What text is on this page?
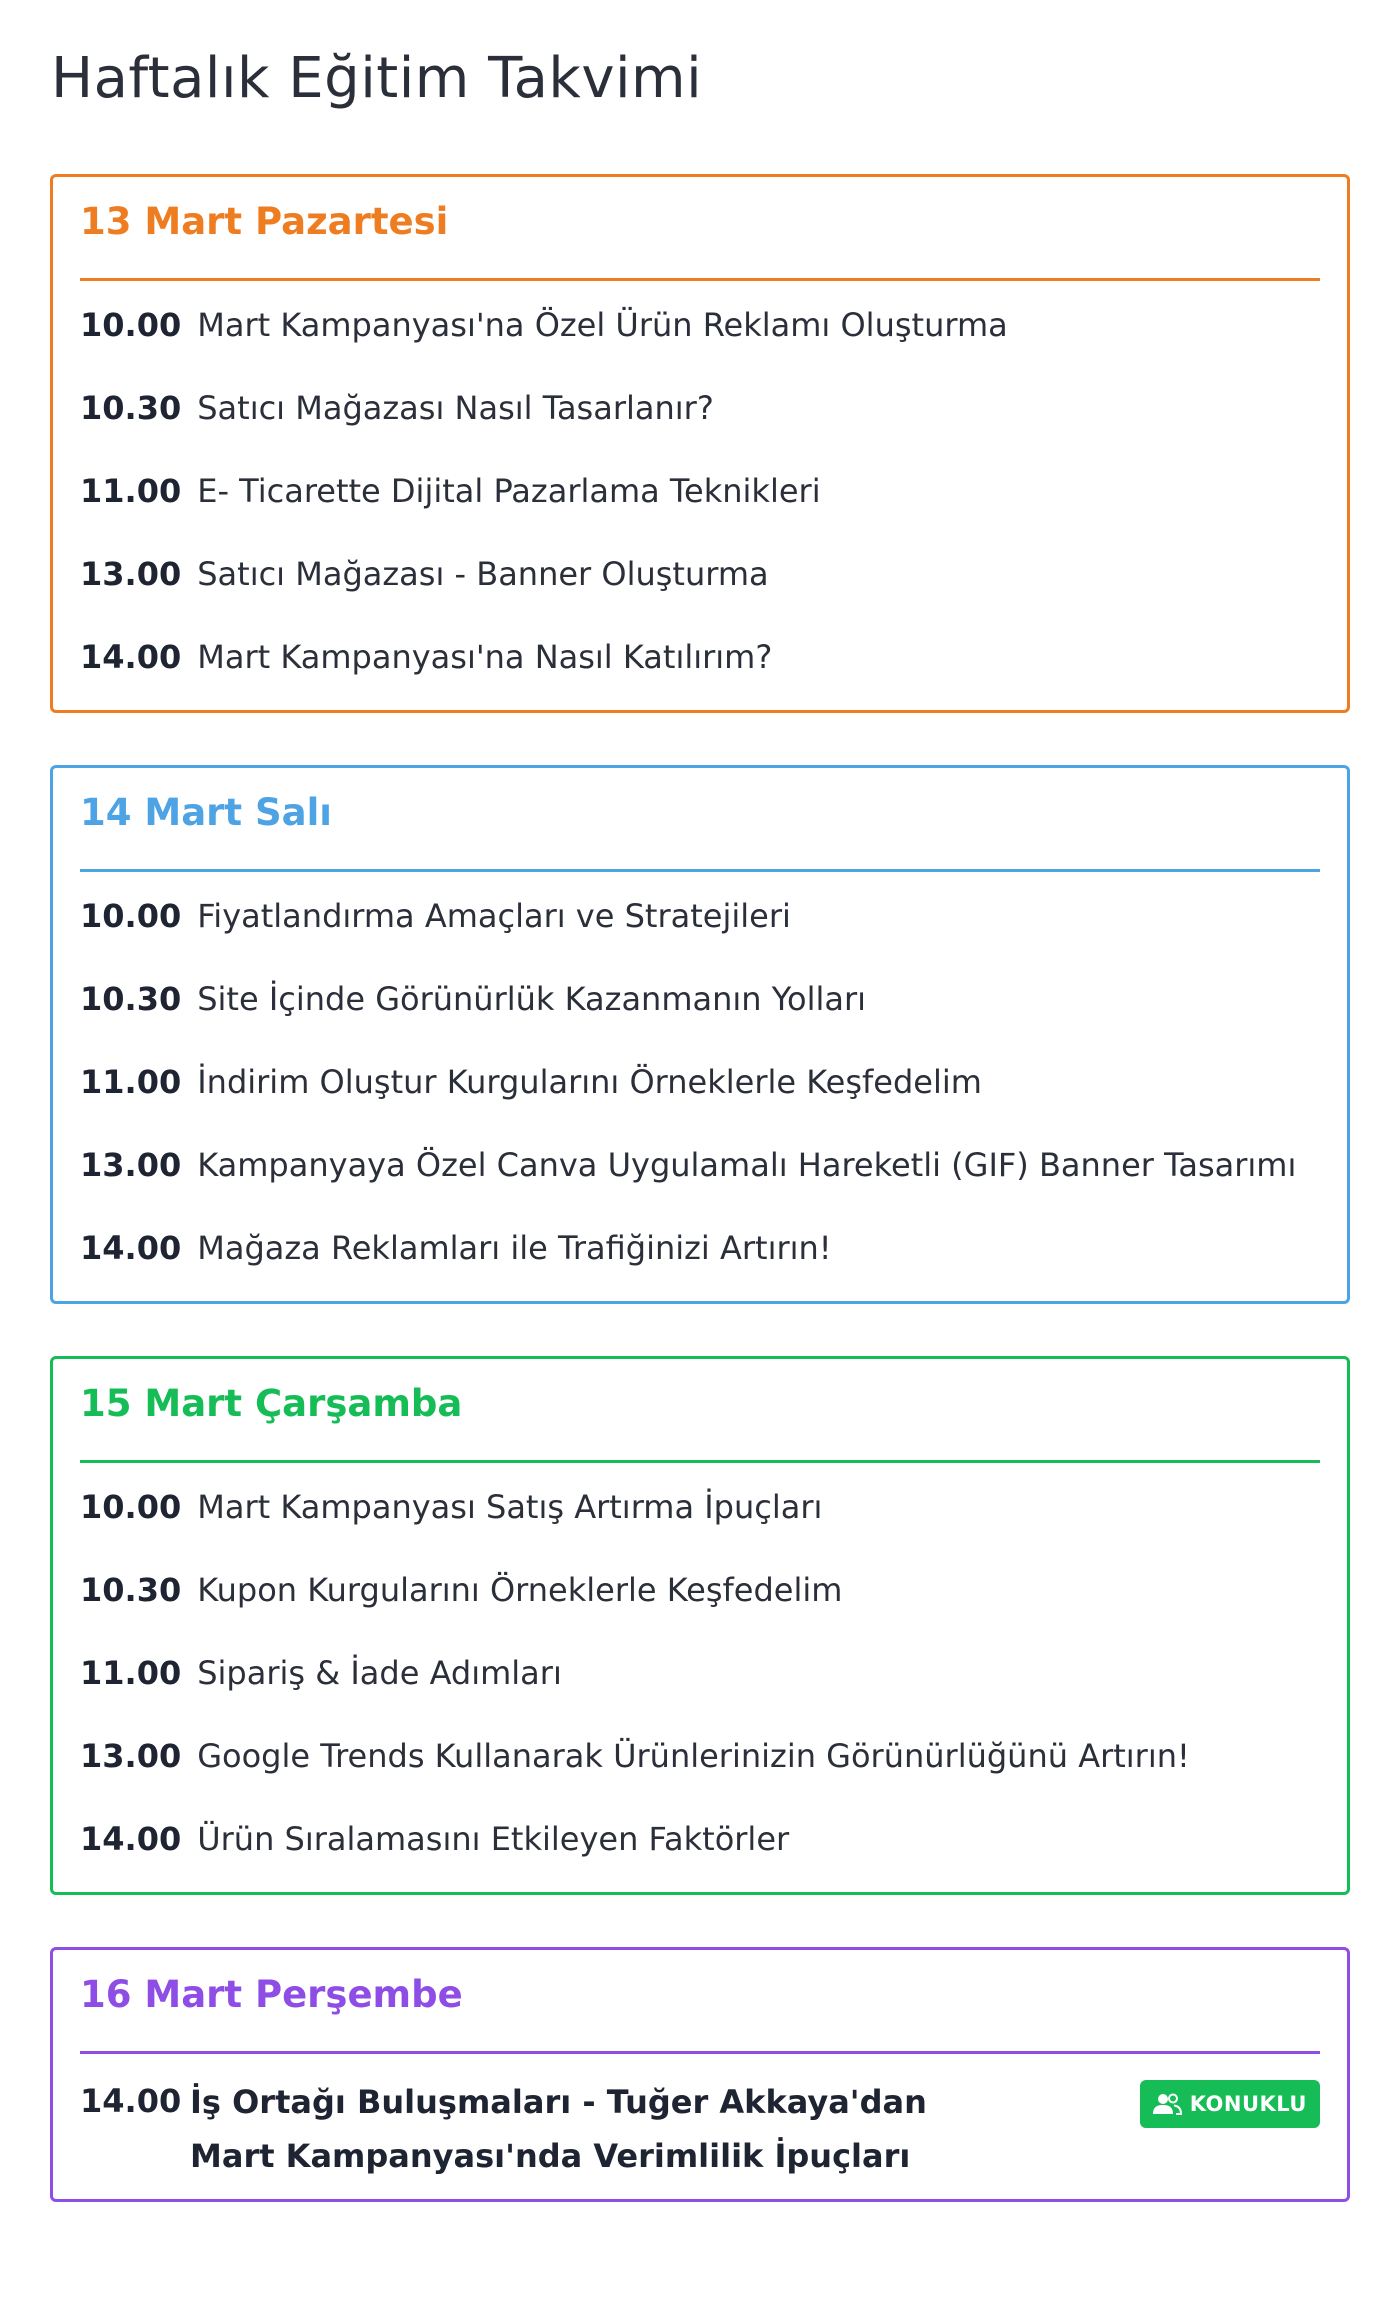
Haftalık Eğitim Takvimi
13 Mart Pazartesi
10.00 Mart Kampanyası'na Özel Ürün Reklamı Oluşturma
10.30 Satıcı Mağazası Nasıl Tasarlanır?
11.00 E- Ticarette Dijital Pazarlama Teknikleri
13.00 Satıcı Mağazası - Banner Oluşturma
14.00 Mart Kampanyası'na Nasıl Katılırım?
14 Mart Salı
10.00 Fiyatlandırma Amaçları ve Stratejileri
10.30 Site İçinde Görünürlük Kazanmanın Yolları
11.00 İndirim Oluştur Kurgularını Örneklerle Keşfedelim
13.00 Kampanyaya Özel Canva Uygulamalı Hareketli (GIF) Banner Tasarımı
14.00 Mağaza Reklamları ile Trafiğinizi Artırın!
15 Mart Çarşamba
10.00 Mart Kampanyası Satış Artırma İpuçları
10.30 Kupon Kurgularını Örneklerle Keşfedelim
11.00 Sipariş & İade Adımları
13.00 Google Trends Kullanarak Ürünlerinizin Görünürlüğünü Artırın!
14.00 Ürün Sıralamasını Etkileyen Faktörler
16 Mart Perşembe
14.00 İş Ortağı Buluşmaları - Tuğer Akkaya'dan
Mart Kampanyası'nda Verimlilik İpuçları
KONUKLU
